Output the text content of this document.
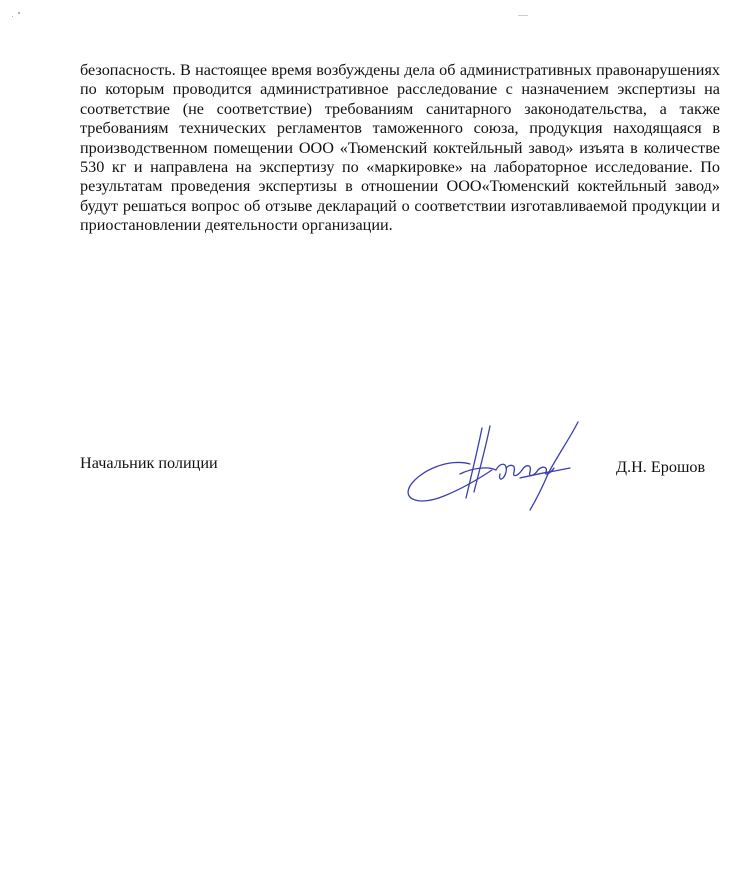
безопасность. В настоящее время возбуждены дела об административных правонарушениях по которым проводится административное расследование с назначением экспертизы на соответствие (не соответствие) требованиям санитарного законодательства, а также требованиям технических регламентов таможенного союза, продукция находящаяся в производственном помещении ООО «Тюменский коктейльный завод» изъята в количестве 530 кг и направлена на экспертизу по «маркировке» на лабораторное исследование. По результатам проведения экспертизы в отношении ООО«Тюменский коктейльный завод» будут решаться вопрос об отзыве деклараций о соответствии изготавливаемой продукции и приостановлении деятельности организации.

Начальник полиции	Д.Н. Ерошов
